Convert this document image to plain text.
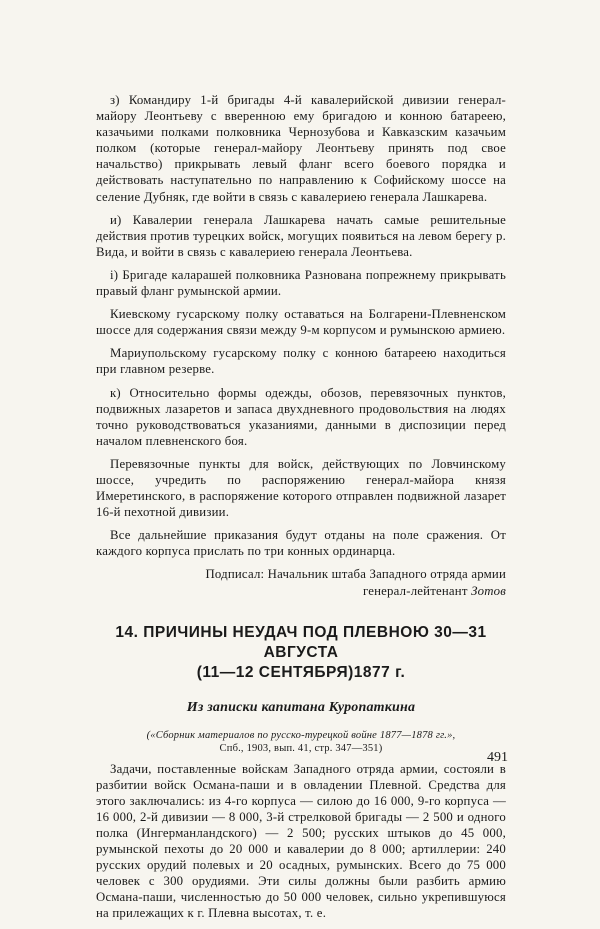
з) Командиру 1-й бригады 4-й кавалерийской дивизии генерал-майору Леонтьеву с вверенною ему бригадою и конною батареею, казачьими полками полковника Чернозубова и Кавказским казачьим полком (которые генерал-майору Леонтьеву принять под свое начальство) прикрывать левый фланг всего боевого порядка и действовать наступательно по направлению к Софийскому шоссе на селение Дубняк, где войти в связь с кавалериею генерала Лашкарева.

и) Кавалерии генерала Лашкарева начать самые решительные действия против турецких войск, могущих появиться на левом берегу р. Вида, и войти в связь с кавалериею генерала Леонтьева.

i) Бригаде каларашей полковника Разнована попрежнему прикрывать правый фланг румынской армии.

Киевскому гусарскому полку оставаться на Болгарени-Плевненском шоссе для содержания связи между 9-м корпусом и румынскою армиею.

Мариупольскому гусарскому полку с конною батареею находиться при главном резерве.

к) Относительно формы одежды, обозов, перевязочных пунктов, подвижных лазаретов и запаса двухдневного продовольствия на людях точно руководствоваться указаниями, данными в диспозиции перед началом плевненского боя.

Перевязочные пункты для войск, действующих по Ловчинскому шоссе, учредить по распоряжению генерал-майора князя Имеретинского, в распоряжение которого отправлен подвижной лазарет 16-й пехотной дивизии.

Все дальнейшие приказания будут отданы на поле сражения. От каждого корпуса прислать по три конных ординарца.

Подписал: Начальник штаба Западного отряда армии

генерал-лейтенант Зотов

14. ПРИЧИНЫ НЕУДАЧ ПОД ПЛЕВНОЮ 30—31 АВГУСТА
(11—12 СЕНТЯБРЯ)1877 г.
Из записки капитана Куропаткина
(«Сборник материалов по русско-турецкой войне 1877—1878 гг.»,
Спб., 1903, вып. 41, стр. 347—351)

Задачи, поставленные войскам Западного отряда армии, состояли в разбитии войск Османа-паши и в овладении Плевной. Средства для этого заключались: из 4-го корпуса — силою до 16 000, 9-го корпуса — 16 000, 2-й дивизии — 8 000, 3-й стрелковой бригады — 2 500 и одного полка (Ингерманландского) — 2 500; русских штыков до 45 000, румынской пехоты до 20 000 и кавалерии до 8 000; артиллерии: 240 русских орудий полевых и 20 осадных, румынских. Всего до 75 000 человек с 300 орудиями. Эти силы должны были разбить армию Османа-паши, численностью до 50 000 человек, сильно укрепившуюся на прилежащих к г. Плевна высотах, т. е.

491
